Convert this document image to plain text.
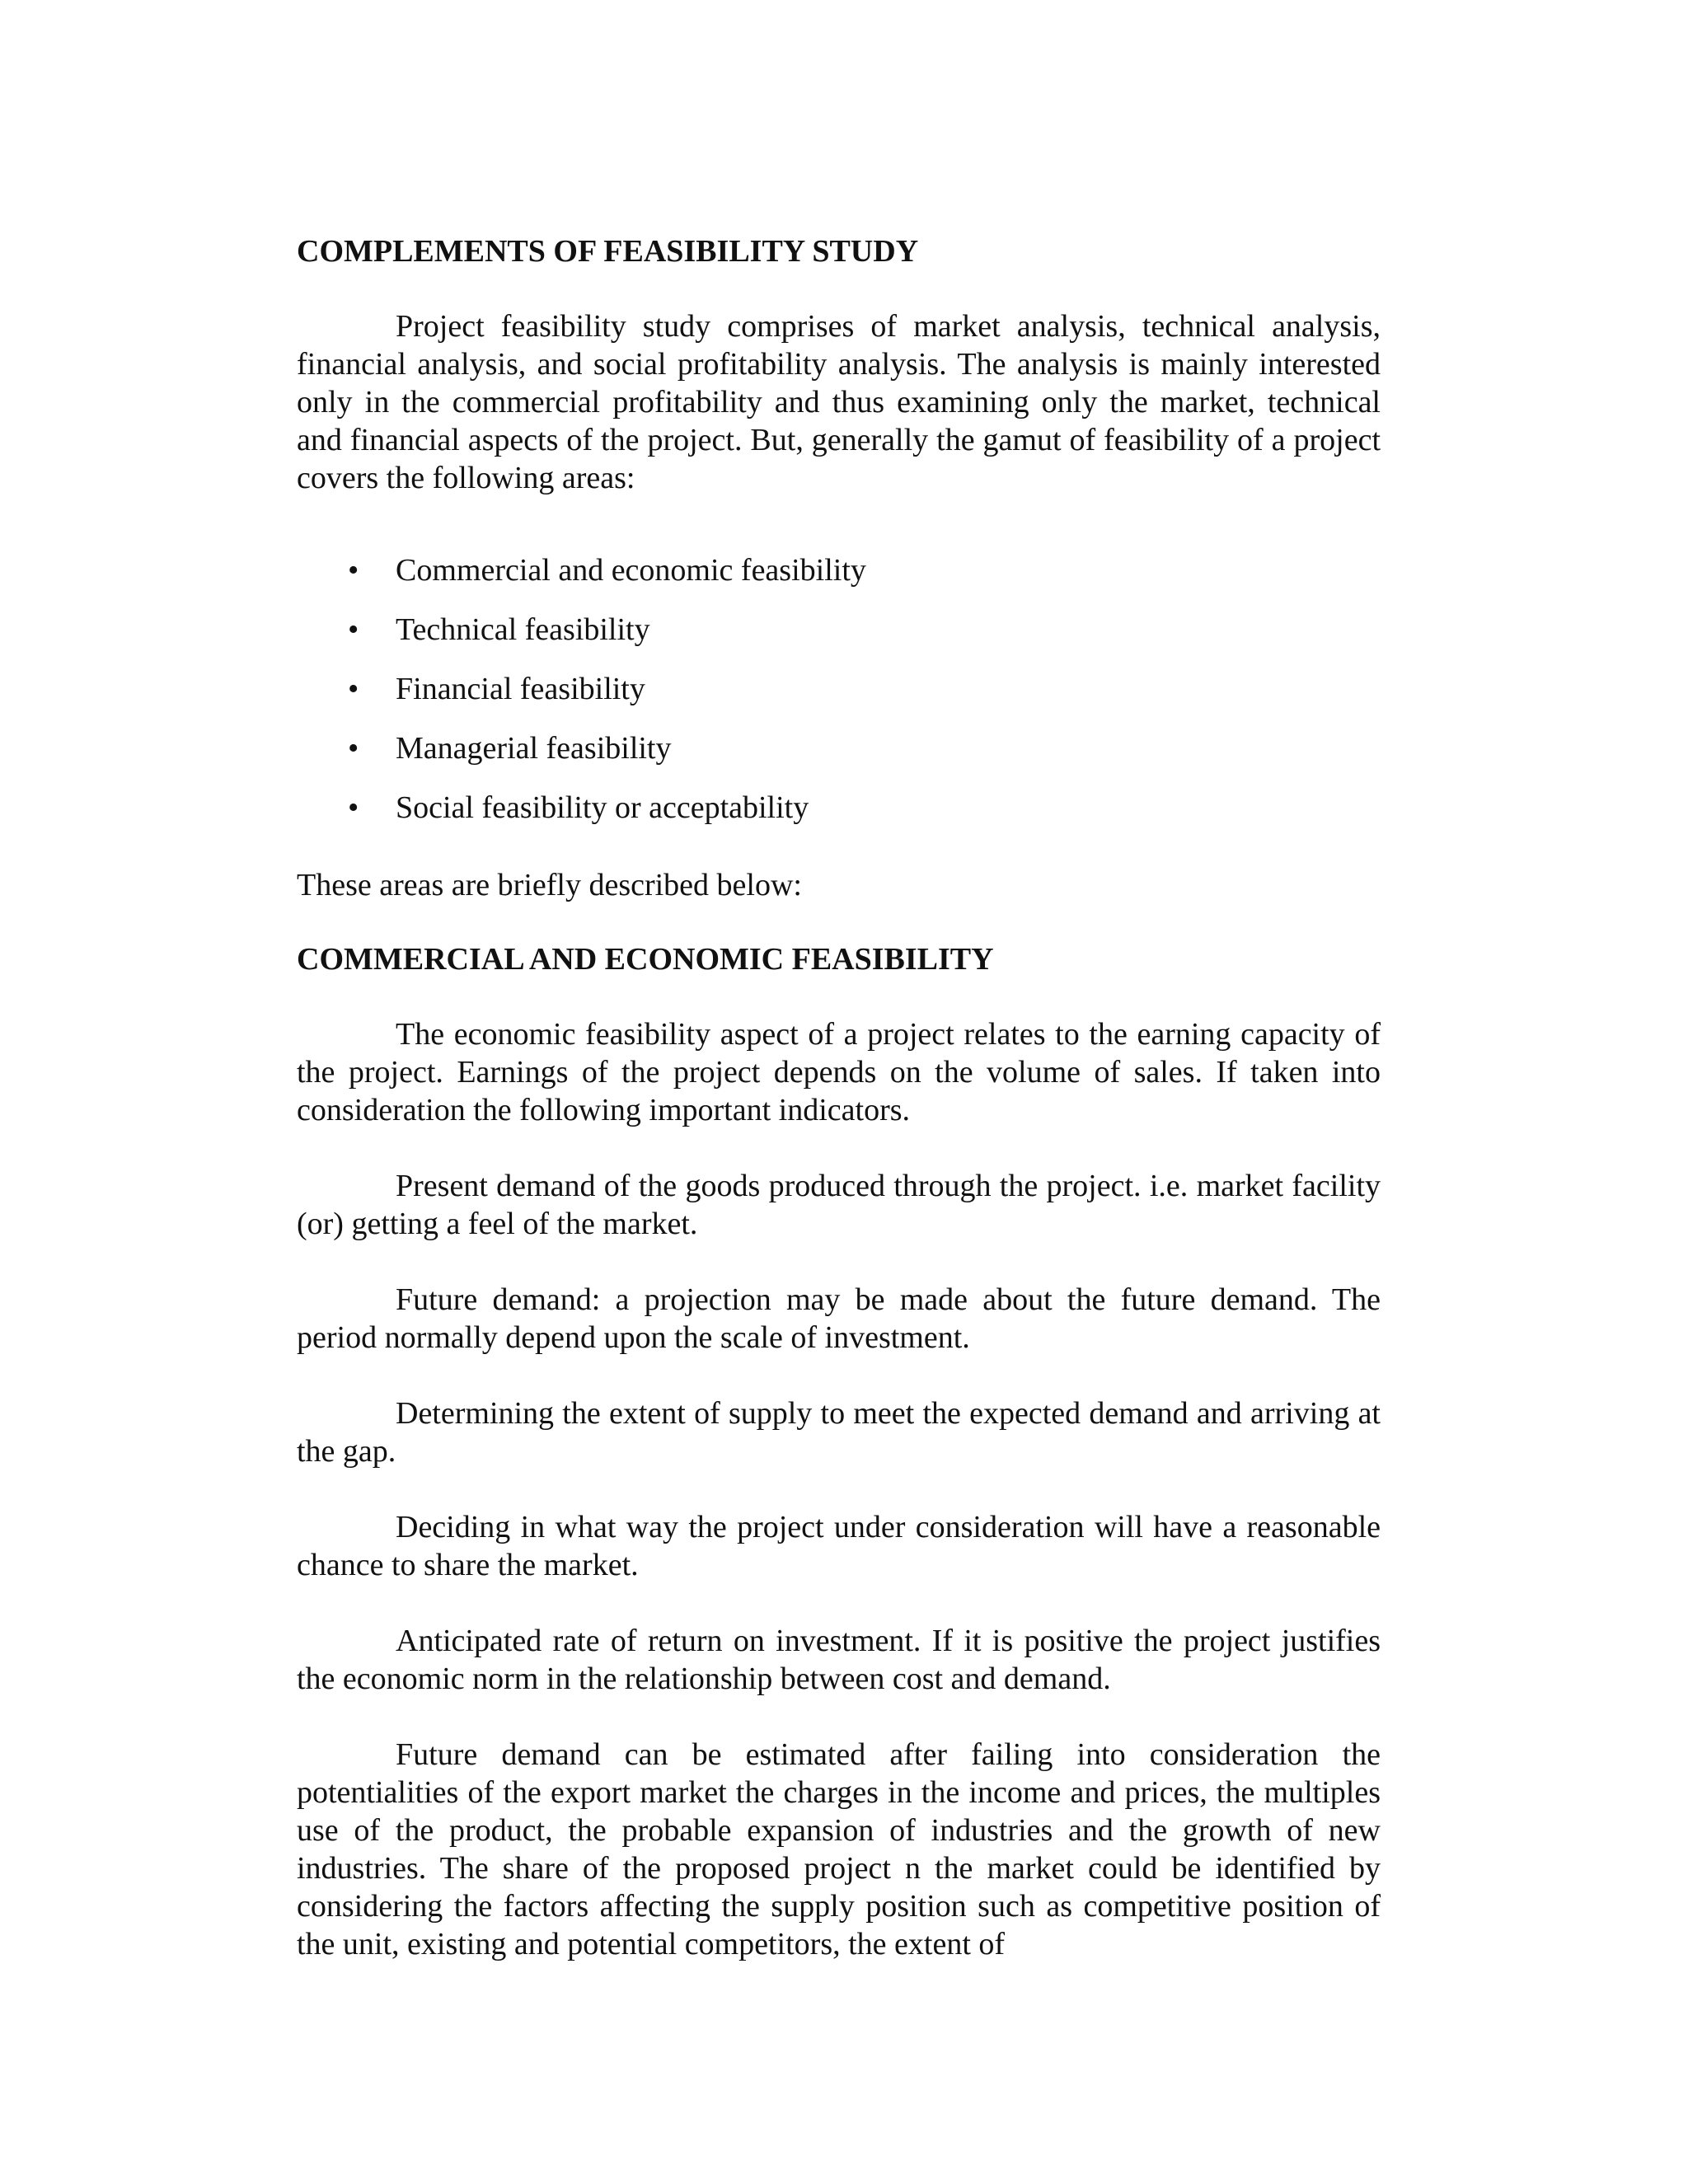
COMPLEMENTS OF FEASIBILITY STUDY

Project feasibility study comprises of market analysis, technical analysis, financial analysis, and social profitability analysis. The analysis is mainly interested only in the commercial profitability and thus examining only the market, technical and financial aspects of the project. But, generally the gamut of feasibility of a project covers the following areas:

• Commercial and economic feasibility
• Technical feasibility
• Financial feasibility
• Managerial feasibility
• Social feasibility or acceptability

These areas are briefly described below:

COMMERCIAL AND ECONOMIC FEASIBILITY

The economic feasibility aspect of a project relates to the earning capacity of the project. Earnings of the project depends on the volume of sales. If taken into consideration the following important indicators.

Present demand of the goods produced through the project. i.e. market facility (or) getting a feel of the market.

Future demand: a projection may be made about the future demand. The period normally depend upon the scale of investment.

Determining the extent of supply to meet the expected demand and arriving at the gap.

Deciding in what way the project under consideration will have a reasonable chance to share the market.

Anticipated rate of return on investment. If it is positive the project justifies the economic norm in the relationship between cost and demand.

Future demand can be estimated after failing into consideration the potentialities of the export market the charges in the income and prices, the multiples use of the product, the probable expansion of industries and the growth of new industries. The share of the proposed project n the market could be identified by considering the factors affecting the supply position such as competitive position of the unit, existing and potential competitors, the extent of
